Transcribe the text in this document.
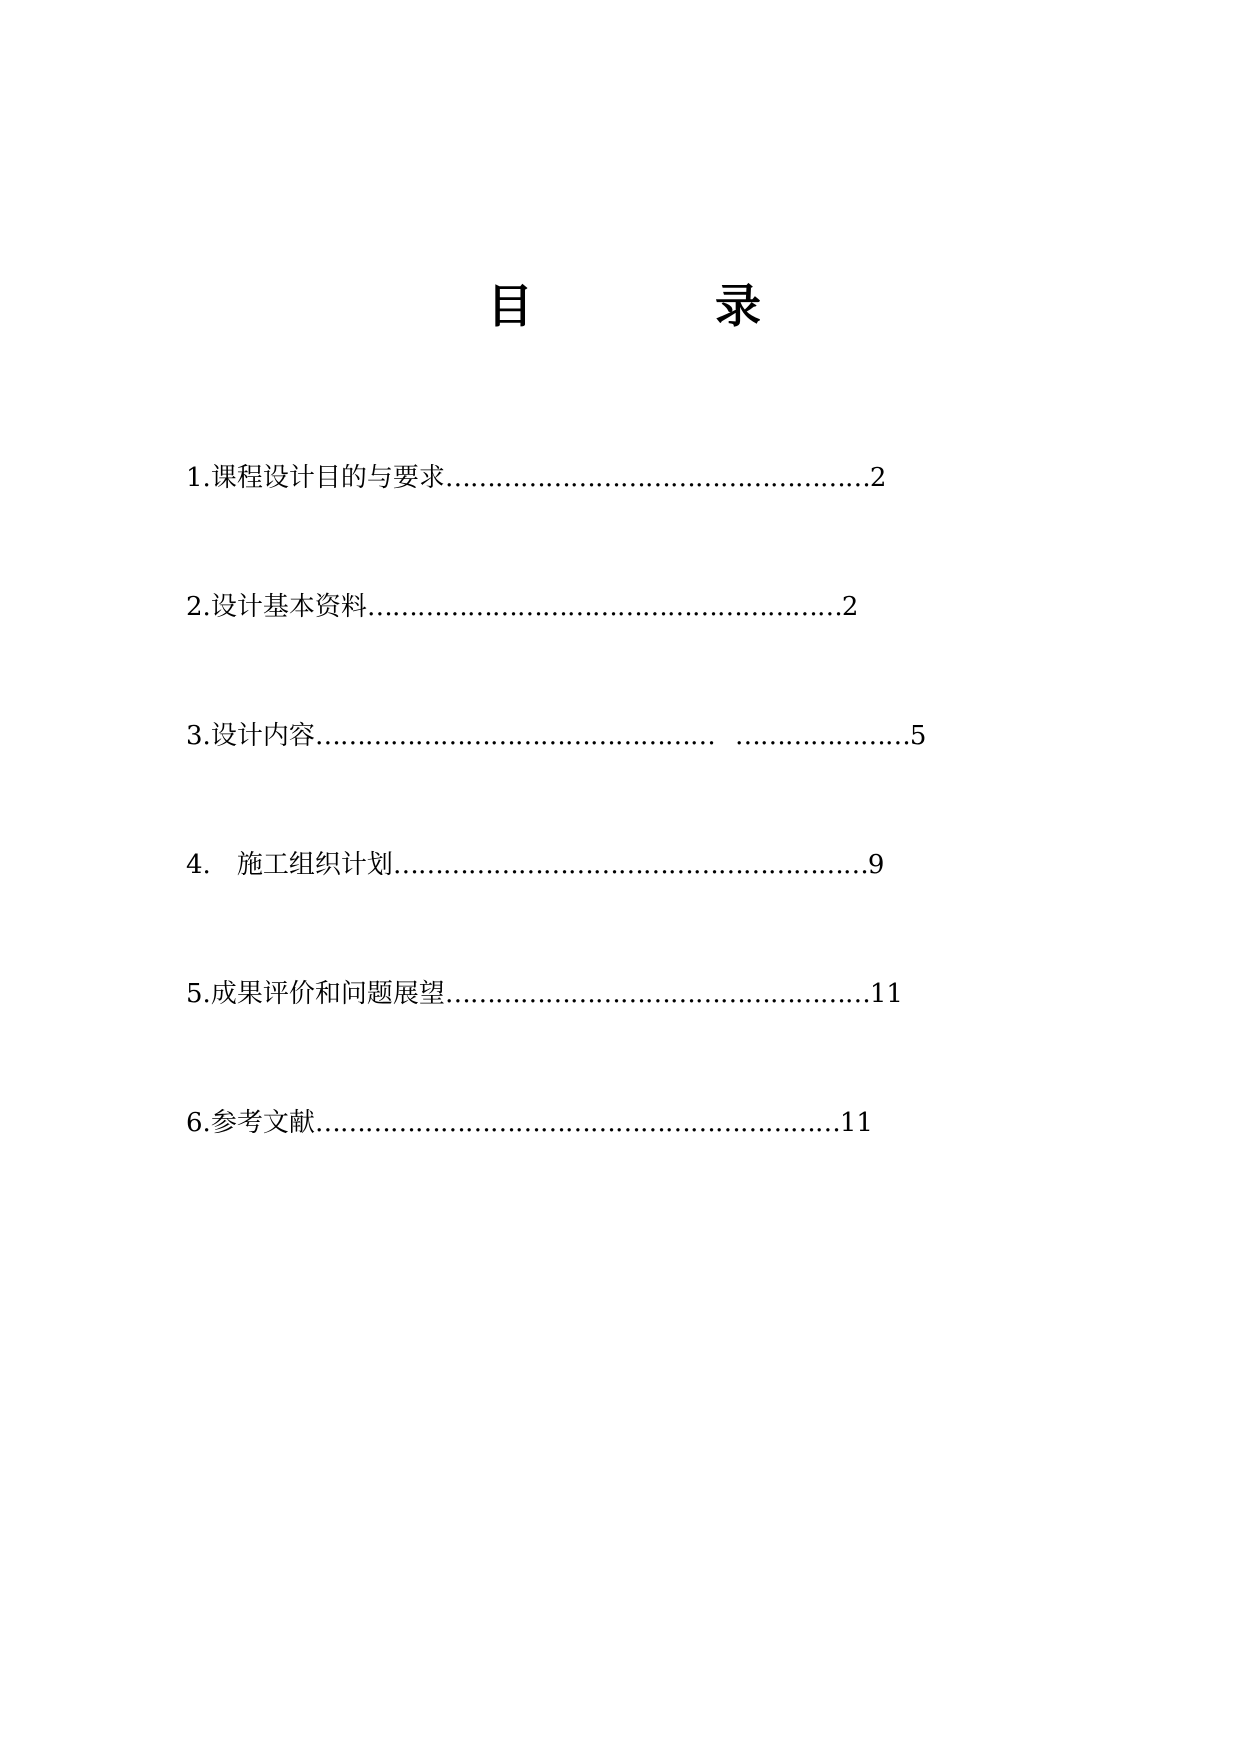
目	录
1.课程设计目的与要求……………………………………………2
2.设计基本资料…………………………………………………2
3.设计内容………………………………………… …………………5
4. 施工组织计划…………………………………………………9
5.成果评价和问题展望……………………………………………11
6.参考文献………………………………………………………11
